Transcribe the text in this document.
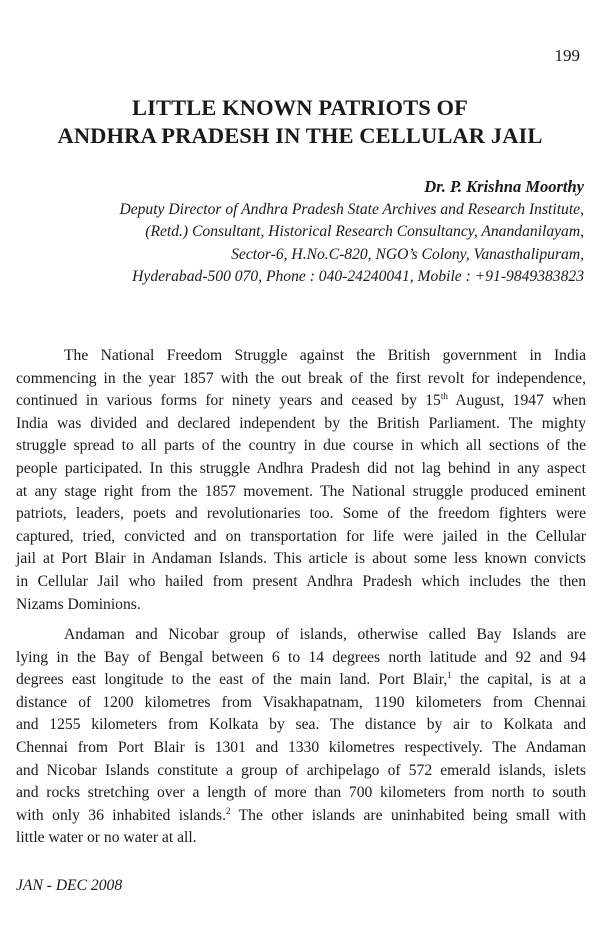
199
LITTLE KNOWN PATRIOTS OF
ANDHRA PRADESH IN THE CELLULAR JAIL
Dr. P. Krishna Moorthy
Deputy Director of Andhra Pradesh State Archives and Research Institute,
(Retd.) Consultant, Historical Research Consultancy, Anandanilayam,
Sector-6, H.No.C-820, NGO’s Colony, Vanasthalipuram,
Hyderabad-500 070, Phone : 040-24240041, Mobile : +91-9849383823
The National Freedom Struggle against the British government in India
commencing in the year 1857 with the out break of the first revolt for independence,
continued in various forms for ninety years and ceased by 15th August, 1947 when
India was divided and declared independent by the British Parliament. The mighty
struggle spread to all parts of the country in due course in which all sections of the
people participated. In this struggle Andhra Pradesh did not lag behind in any aspect
at any stage right from the 1857 movement. The National struggle produced eminent
patriots, leaders, poets and revolutionaries too. Some of the freedom fighters were
captured, tried, convicted and on transportation for life were jailed in the Cellular
jail at Port Blair in Andaman Islands. This article is about some less known convicts
in Cellular Jail who hailed from present Andhra Pradesh which includes the then
Nizams Dominions.
Andaman and Nicobar group of islands, otherwise called Bay Islands are
lying in the Bay of Bengal between 6 to 14 degrees north latitude and 92 and 94
degrees east longitude to the east of the main land. Port Blair,$^1$ the capital, is at a
distance of 1200 kilometres from Visakhapatnam, 1190 kilometers from Chennai
and 1255 kilometers from Kolkata by sea. The distance by air to Kolkata and
Chennai from Port Blair is 1301 and 1330 kilometres respectively. The Andaman
and Nicobar Islands constitute a group of archipelago of 572 emerald islands, islets
and rocks stretching over a length of more than 700 kilometers from north to south
with only 36 inhabited islands.$^2$ The other islands are uninhabited being small with
little water or no water at all.
JAN - DEC 2008
